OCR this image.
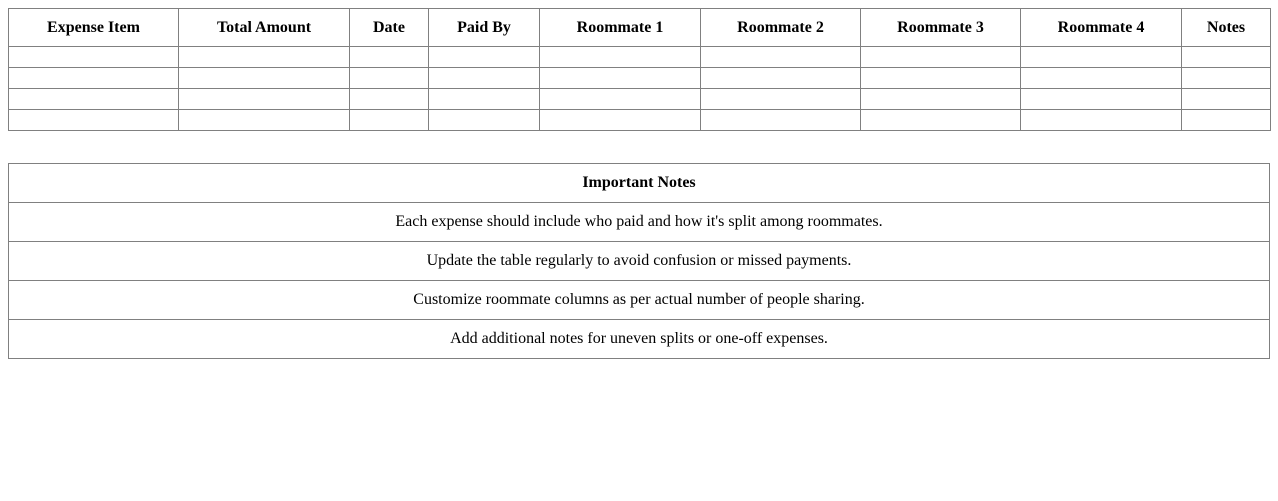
Expense Item	Total Amount	Date	Paid By	Roommate 1	Roommate 2	Roommate 3	Roommate 4	Notes

Important Notes
Each expense should include who paid and how it's split among roommates.
Update the table regularly to avoid confusion or missed payments.
Customize roommate columns as per actual number of people sharing.
Add additional notes for uneven splits or one-off expenses.
